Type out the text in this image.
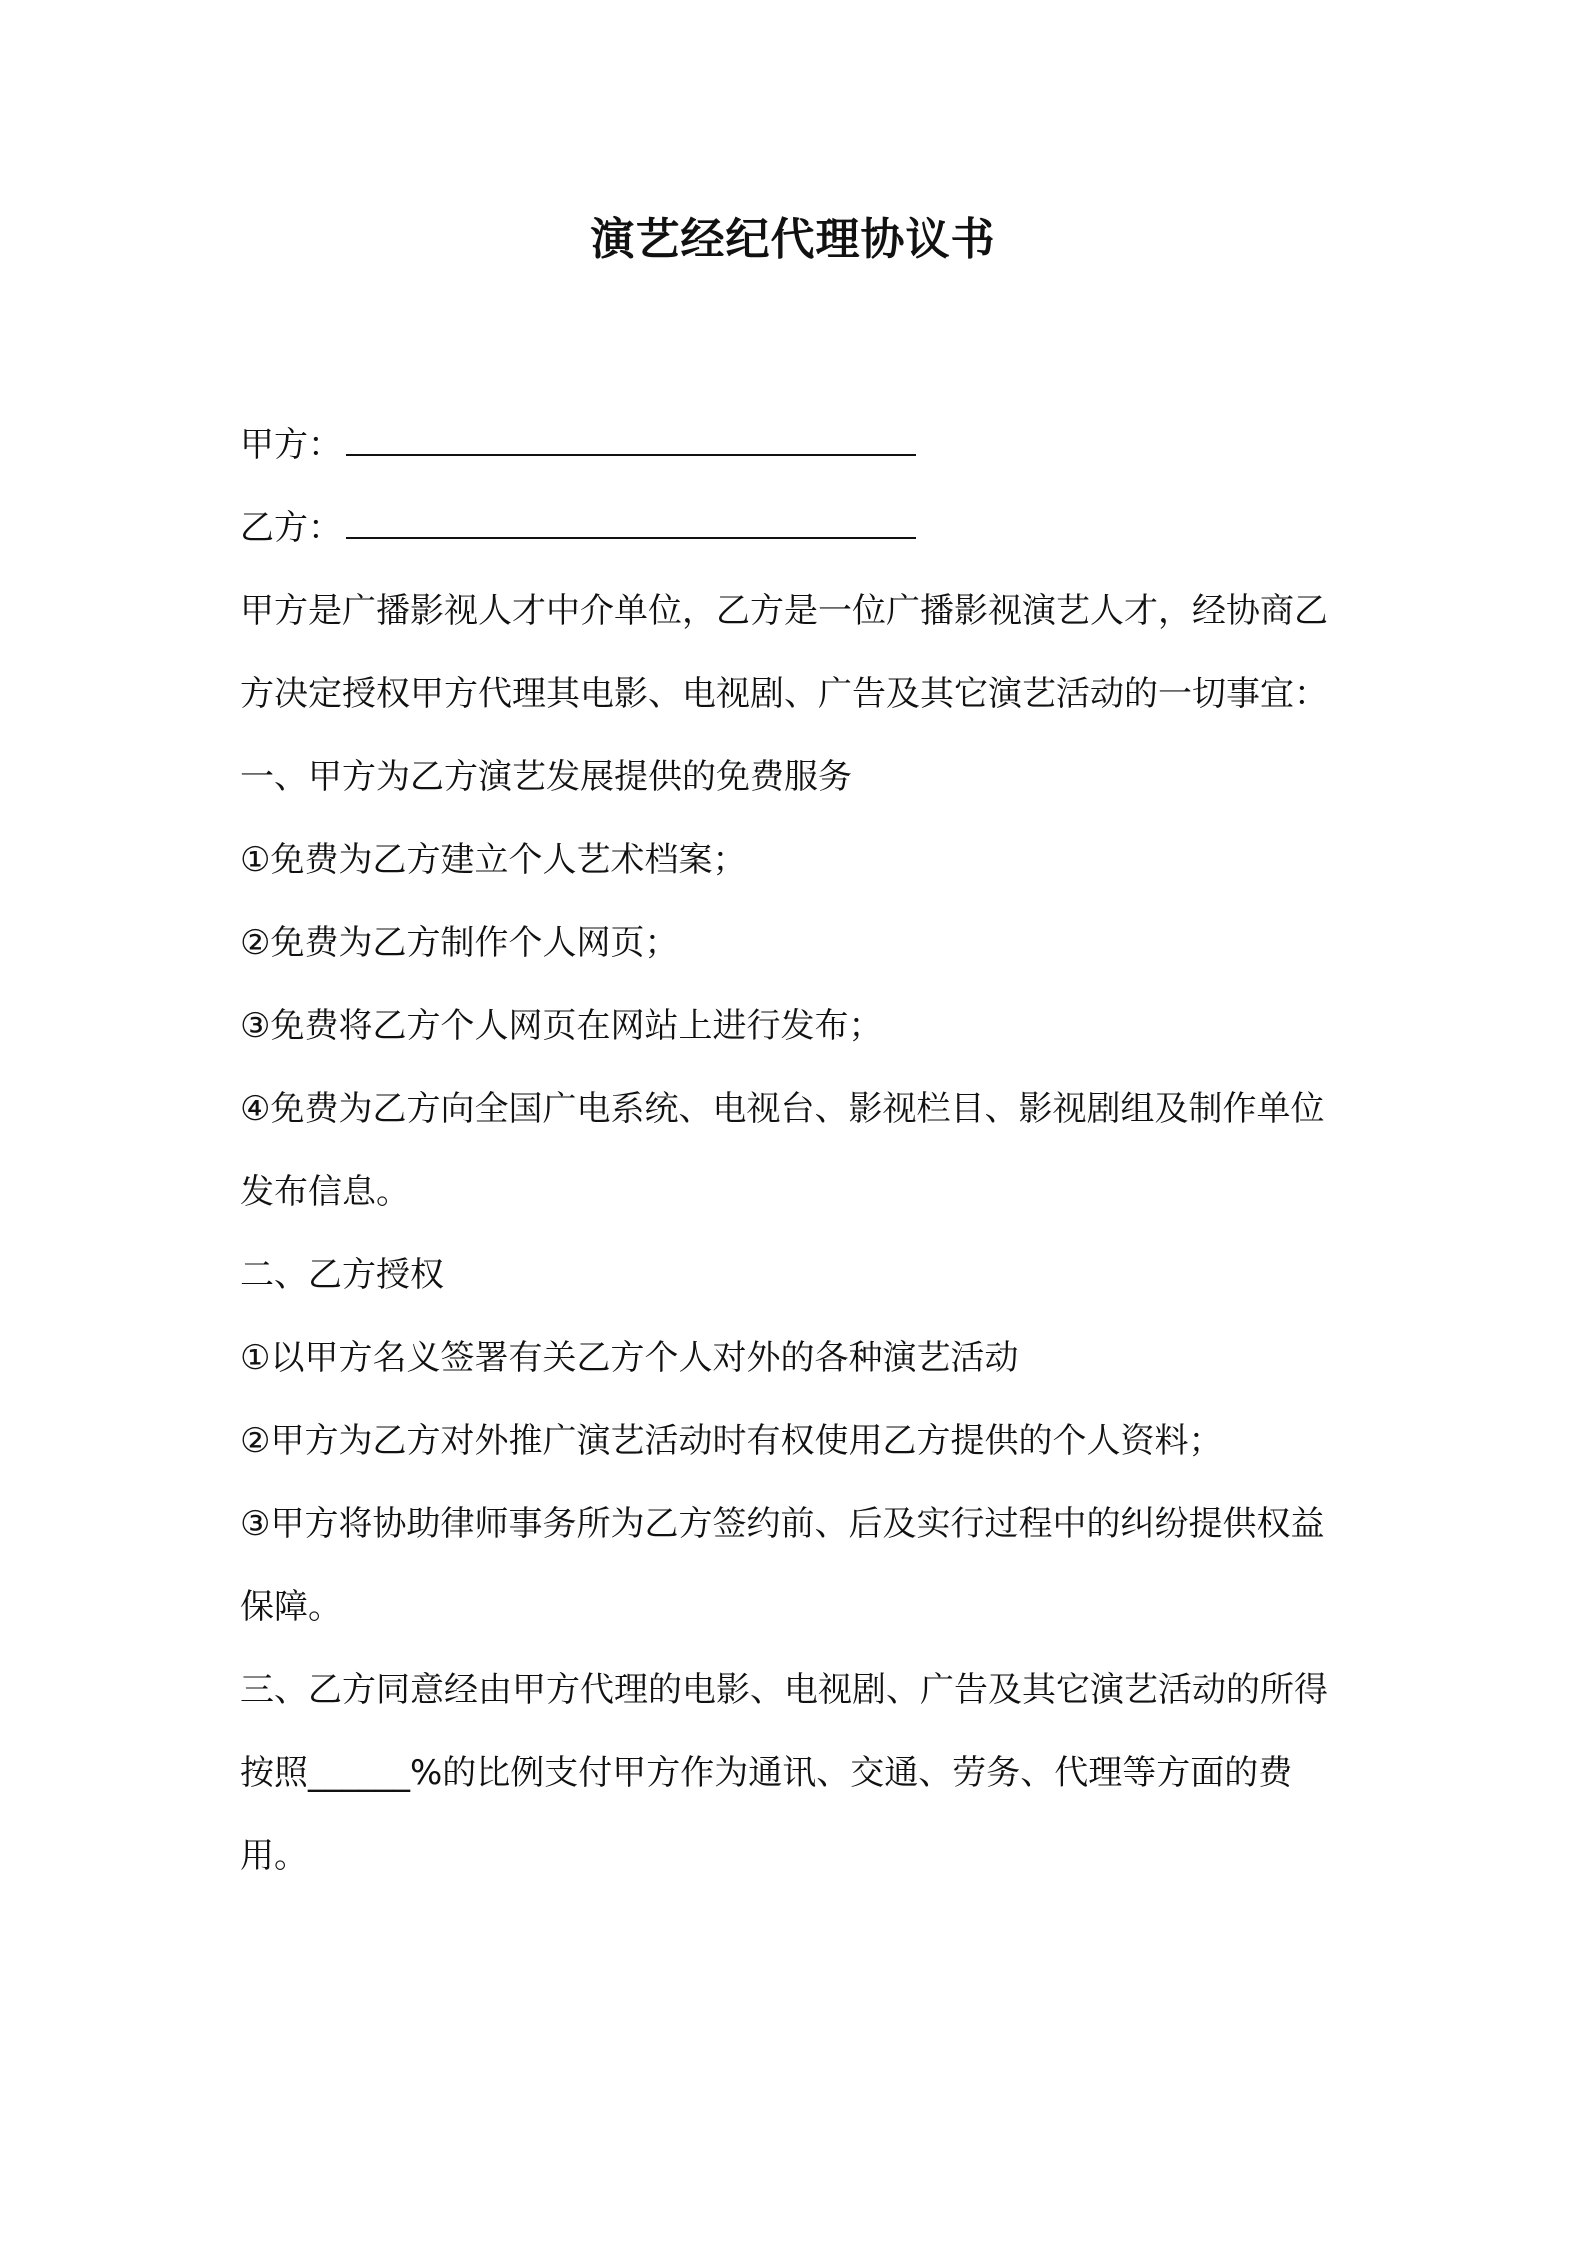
演艺经纪代理协议书
甲方：
乙方：

甲方是广播影视人才中介单位，乙方是一位广播影视演艺人才，经协商乙方决定授权甲方代理其电影、电视剧、广告及其它演艺活动的一切事宜：

一、甲方为乙方演艺发展提供的免费服务

①免费为乙方建立个人艺术档案；

②免费为乙方制作个人网页；

③免费将乙方个人网页在网站上进行发布；

④免费为乙方向全国广电系统、电视台、影视栏目、影视剧组及制作单位发布信息。

二、乙方授权

①以甲方名义签署有关乙方个人对外的各种演艺活动

②甲方为乙方对外推广演艺活动时有权使用乙方提供的个人资料；

③甲方将协助律师事务所为乙方签约前、后及实行过程中的纠纷提供权益保障。

三、乙方同意经由甲方代理的电影、电视剧、广告及其它演艺活动的所得按照______%的比例支付甲方作为通讯、交通、劳务、代理等方面的费用。
